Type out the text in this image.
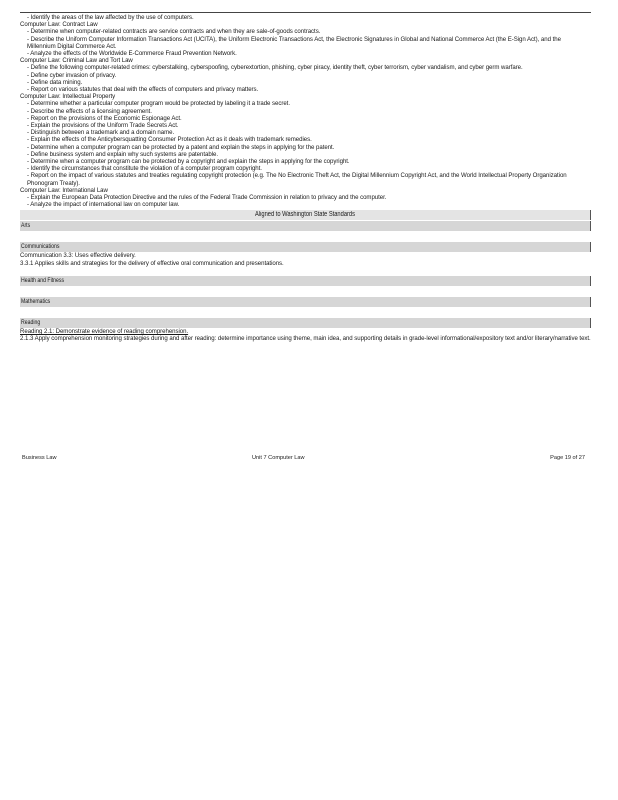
- Identify the areas of the law affected by the use of computers.
Computer Law: Contract Law
- Determine when computer-related contracts are service contracts and when they are sale-of-goods contracts.
- Describe the Uniform Computer Information Transactions Act (UCITA), the Uniform Electronic Transactions Act, the Electronic Signatures in Global and National Commerce Act (the E-Sign Act), and the Millennium Digital Commerce Act.
- Analyze the effects of the Worldwide E-Commerce Fraud Prevention Network.
Computer Law: Criminal Law and Tort Law
- Define the following computer-related crimes: cyberstalking, cyberspoofing, cyberextortion, phishing, cyber piracy, identity theft, cyber terrorism, cyber vandalism, and cyber germ warfare.
- Define cyber invasion of privacy.
- Define data mining.
- Report on various statutes that deal with the effects of computers and privacy matters.
Computer Law: Intellectual Property
- Determine whether a particular computer program would be protected by labeling it a trade secret.
- Describe the effects of a licensing agreement.
- Report on the provisions of the Economic Espionage Act.
- Explain the provisions of the Uniform Trade Secrets Act.
- Distinguish between a trademark and a domain name.
- Explain the effects of the Anticybersquatting Consumer Protection Act as it deals with trademark remedies.
- Determine when a computer program can be protected by a patent and explain the steps in applying for the patent.
- Define business system and explain why such systems are patentable.
- Determine when a computer program can be protected by a copyright and explain the steps in applying for the copyright.
- Identify the circumstances that constitute the violation of a computer program copyright.
- Report on the impact of various statutes and treaties regulating copyright protection (e.g. The No Electronic Theft Act, the Digital Millennium Copyright Act, and the World Intellectual Property Organization Phonogram Treaty).
Computer Law: International Law
- Explain the European Data Protection Directive and the rules of the Federal Trade Commission in relation to privacy and the computer.
- Analyze the impact of international law on computer law.
Aligned to Washington State Standards
Arts
Communications
Communication 3.3: Uses effective delivery.
3.3.1 Applies skills and strategies for the delivery of effective oral communication and presentations.
Health and Fitness
Mathematics
Reading
Reading 2.1: Demonstrate evidence of reading comprehension.
2.1.3 Apply comprehension monitoring strategies during and after reading: determine importance using theme, main idea, and supporting details in grade-level informational/expository text and/or literary/narrative text.
Business Law	Unit 7 Computer Law	Page 19 of 27
